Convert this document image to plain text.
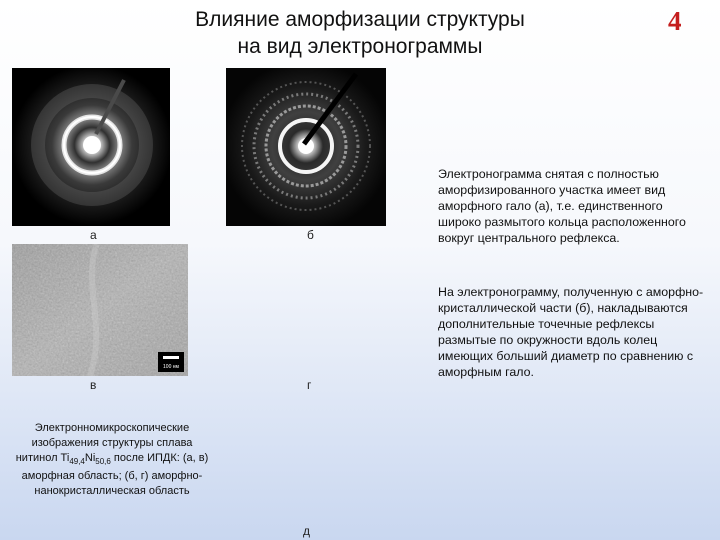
Влияние аморфизации структуры
на вид электронограммы
4
а	б
100 нм
в	г
Электронномикроскопические изображения структуры сплава нитинол $Ti_{49,4}Ni_{50,6}$ после ИПДК: (а, в) аморфная область; (б, г) аморфно- нанокристаллическая область
д
Электронограмма снятая с полностью аморфизированного участка имеет вид аморфного гало (а), т.е. единственного широко размытого кольца расположенного вокруг центрального рефлекса.
На электронограмму, полученную с аморфно-кристаллической части (б), накладываются дополнительные точечные рефлексы размытые по окружности вдоль колец имеющих больший диаметр по сравнению с аморфным гало.
